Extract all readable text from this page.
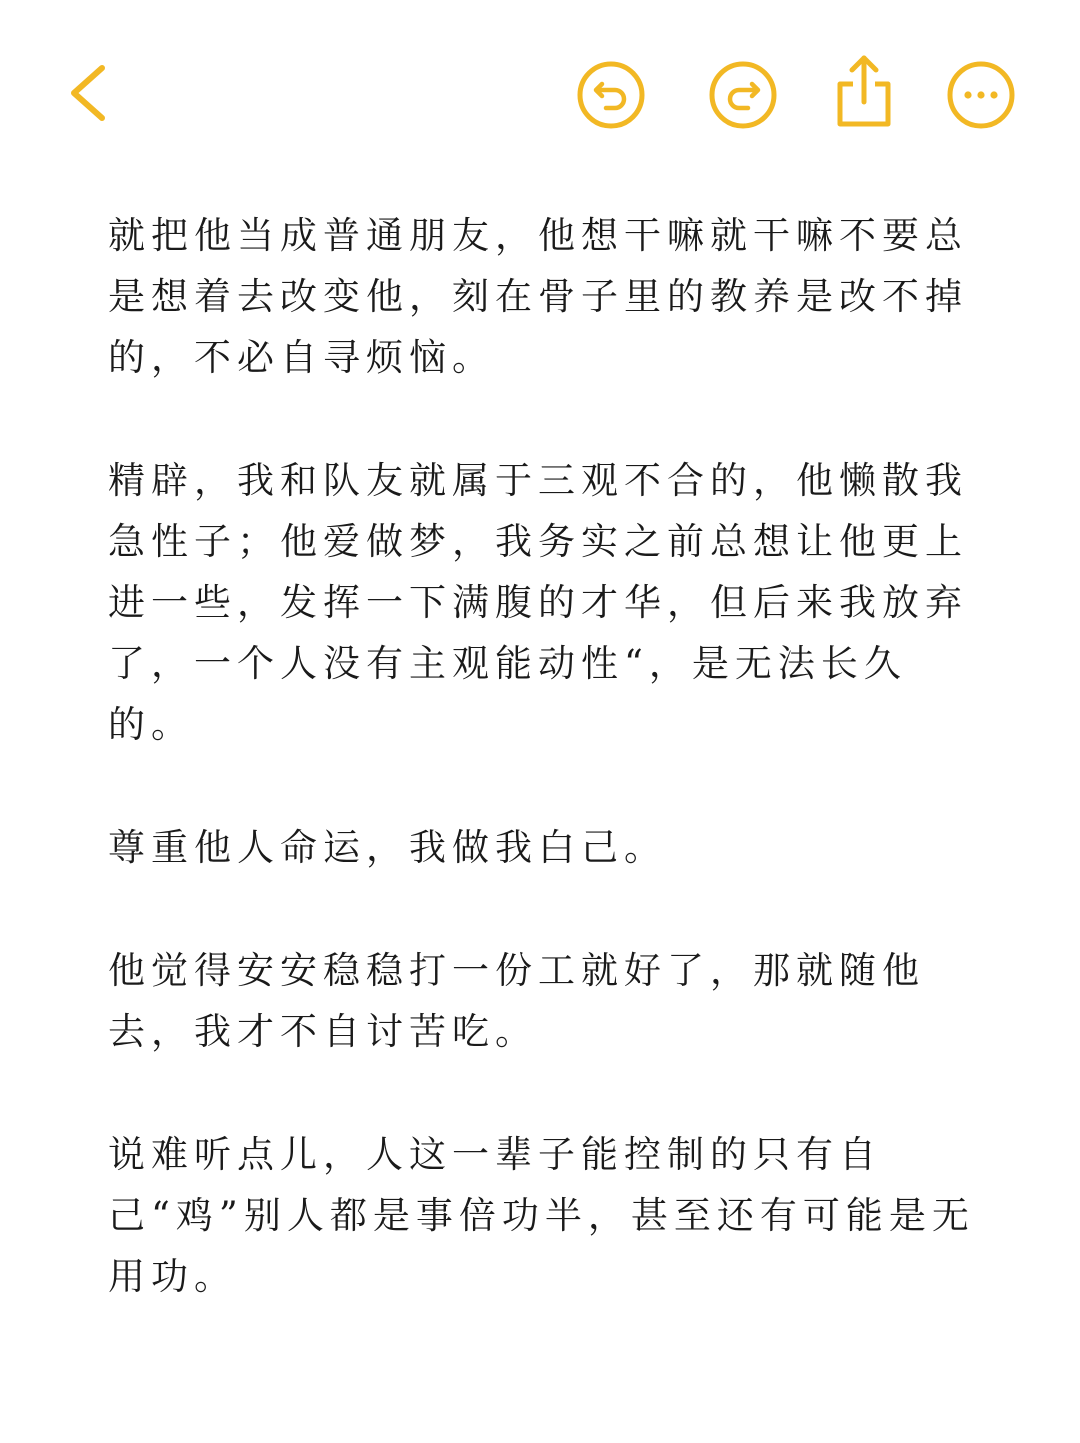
就把他当成普通朋友，他想干嘛就干嘛不要总是想着去改变他，刻在骨子里的教养是改不掉的，不必自寻烦恼。

精辟，我和队友就属于三观不合的，他懒散我急性子；他爱做梦，我务实之前总想让他更上进一些，发挥一下满腹的才华，但后来我放弃了，一个人没有主观能动性“，是无法长久的。

尊重他人命运，我做我白己。

他觉得安安稳稳打一份工就好了，那就随他去，我才不自讨苦吃。

说难听点儿，人这一辈子能控制的只有自己“鸡”别人都是事倍功半，甚至还有可能是无用功。
